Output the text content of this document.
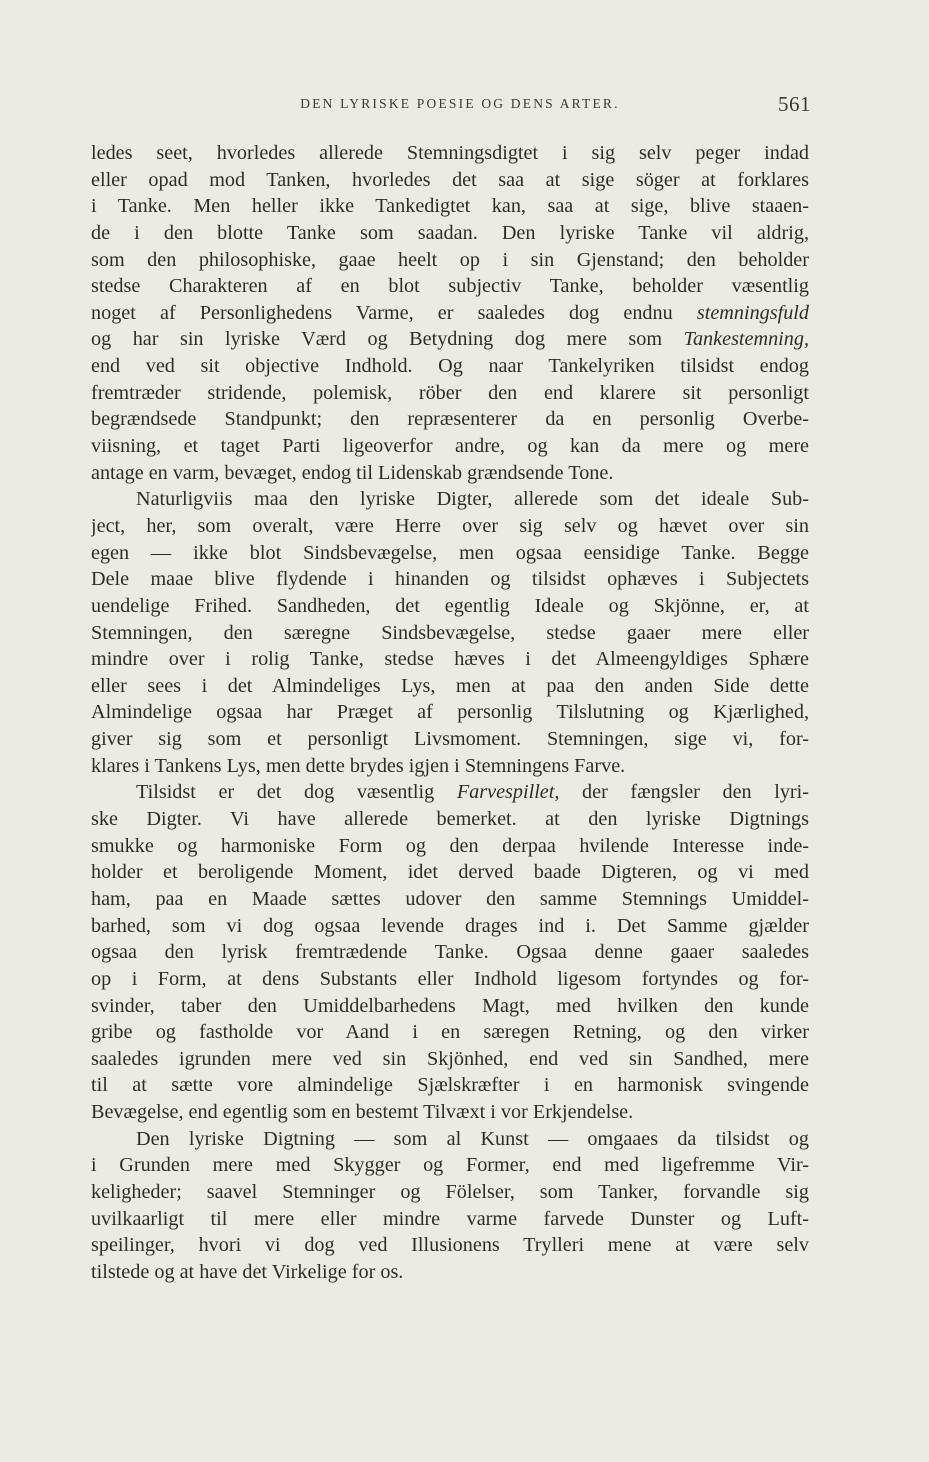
DEN LYRISKE POESIE OG DENS ARTER.	561
ledes seet, hvorledes allerede Stemningsdigtet i sig selv peger indad
eller opad mod Tanken, hvorledes det saa at sige söger at forklares
i Tanke. Men heller ikke Tankedigtet kan, saa at sige, blive staaen-
de i den blotte Tanke som saadan. Den lyriske Tanke vil aldrig,
som den philosophiske, gaae heelt op i sin Gjenstand; den beholder
stedse Charakteren af en blot subjectiv Tanke, beholder væsentlig
noget af Personlighedens Varme, er saaledes dog endnu stemningsfuld
og har sin lyriske Værd og Betydning dog mere som Tankestemning,
end ved sit objective Indhold. Og naar Tankelyriken tilsidst endog
fremtræder stridende, polemisk, röber den end klarere sit personligt
begrændsede Standpunkt; den repræsenterer da en personlig Overbe-
viisning, et taget Parti ligeoverfor andre, og kan da mere og mere
antage en varm, bevæget, endog til Lidenskab grændsende Tone.
Naturligviis maa den lyriske Digter, allerede som det ideale Sub-
ject, her, som overalt, være Herre over sig selv og hævet over sin
egen — ikke blot Sindsbevægelse, men ogsaa eensidige Tanke. Begge
Dele maae blive flydende i hinanden og tilsidst ophæves i Subjectets
uendelige Frihed. Sandheden, det egentlig Ideale og Skjönne, er, at
Stemningen, den særegne Sindsbevægelse, stedse gaaer mere eller
mindre over i rolig Tanke, stedse hæves i det Almeengyldiges Sphære
eller sees i det Almindeliges Lys, men at paa den anden Side dette
Almindelige ogsaa har Præget af personlig Tilslutning og Kjærlighed,
giver sig som et personligt Livsmoment. Stemningen, sige vi, for-
klares i Tankens Lys, men dette brydes igjen i Stemningens Farve.
Tilsidst er det dog væsentlig Farvespillet, der fængsler den lyri-
ske Digter. Vi have allerede bemerket. at den lyriske Digtnings
smukke og harmoniske Form og den derpaa hvilende Interesse inde-
holder et beroligende Moment, idet derved baade Digteren, og vi med
ham, paa en Maade sættes udover den samme Stemnings Umiddel-
barhed, som vi dog ogsaa levende drages ind i. Det Samme gjælder
ogsaa den lyrisk fremtrædende Tanke. Ogsaa denne gaaer saaledes
op i Form, at dens Substants eller Indhold ligesom fortyndes og for-
svinder, taber den Umiddelbarhedens Magt, med hvilken den kunde
gribe og fastholde vor Aand i en særegen Retning, og den virker
saaledes igrunden mere ved sin Skjönhed, end ved sin Sandhed, mere
til at sætte vore almindelige Sjælskræfter i en harmonisk svingende
Bevægelse, end egentlig som en bestemt Tilvæxt i vor Erkjendelse.
Den lyriske Digtning — som al Kunst — omgaaes da tilsidst og
i Grunden mere med Skygger og Former, end med ligefremme Vir-
keligheder; saavel Stemninger og Fölelser, som Tanker, forvandle sig
uvilkaarligt til mere eller mindre varme farvede Dunster og Luft-
speilinger, hvori vi dog ved Illusionens Trylleri mene at være selv
tilstede og at have det Virkelige for os.
